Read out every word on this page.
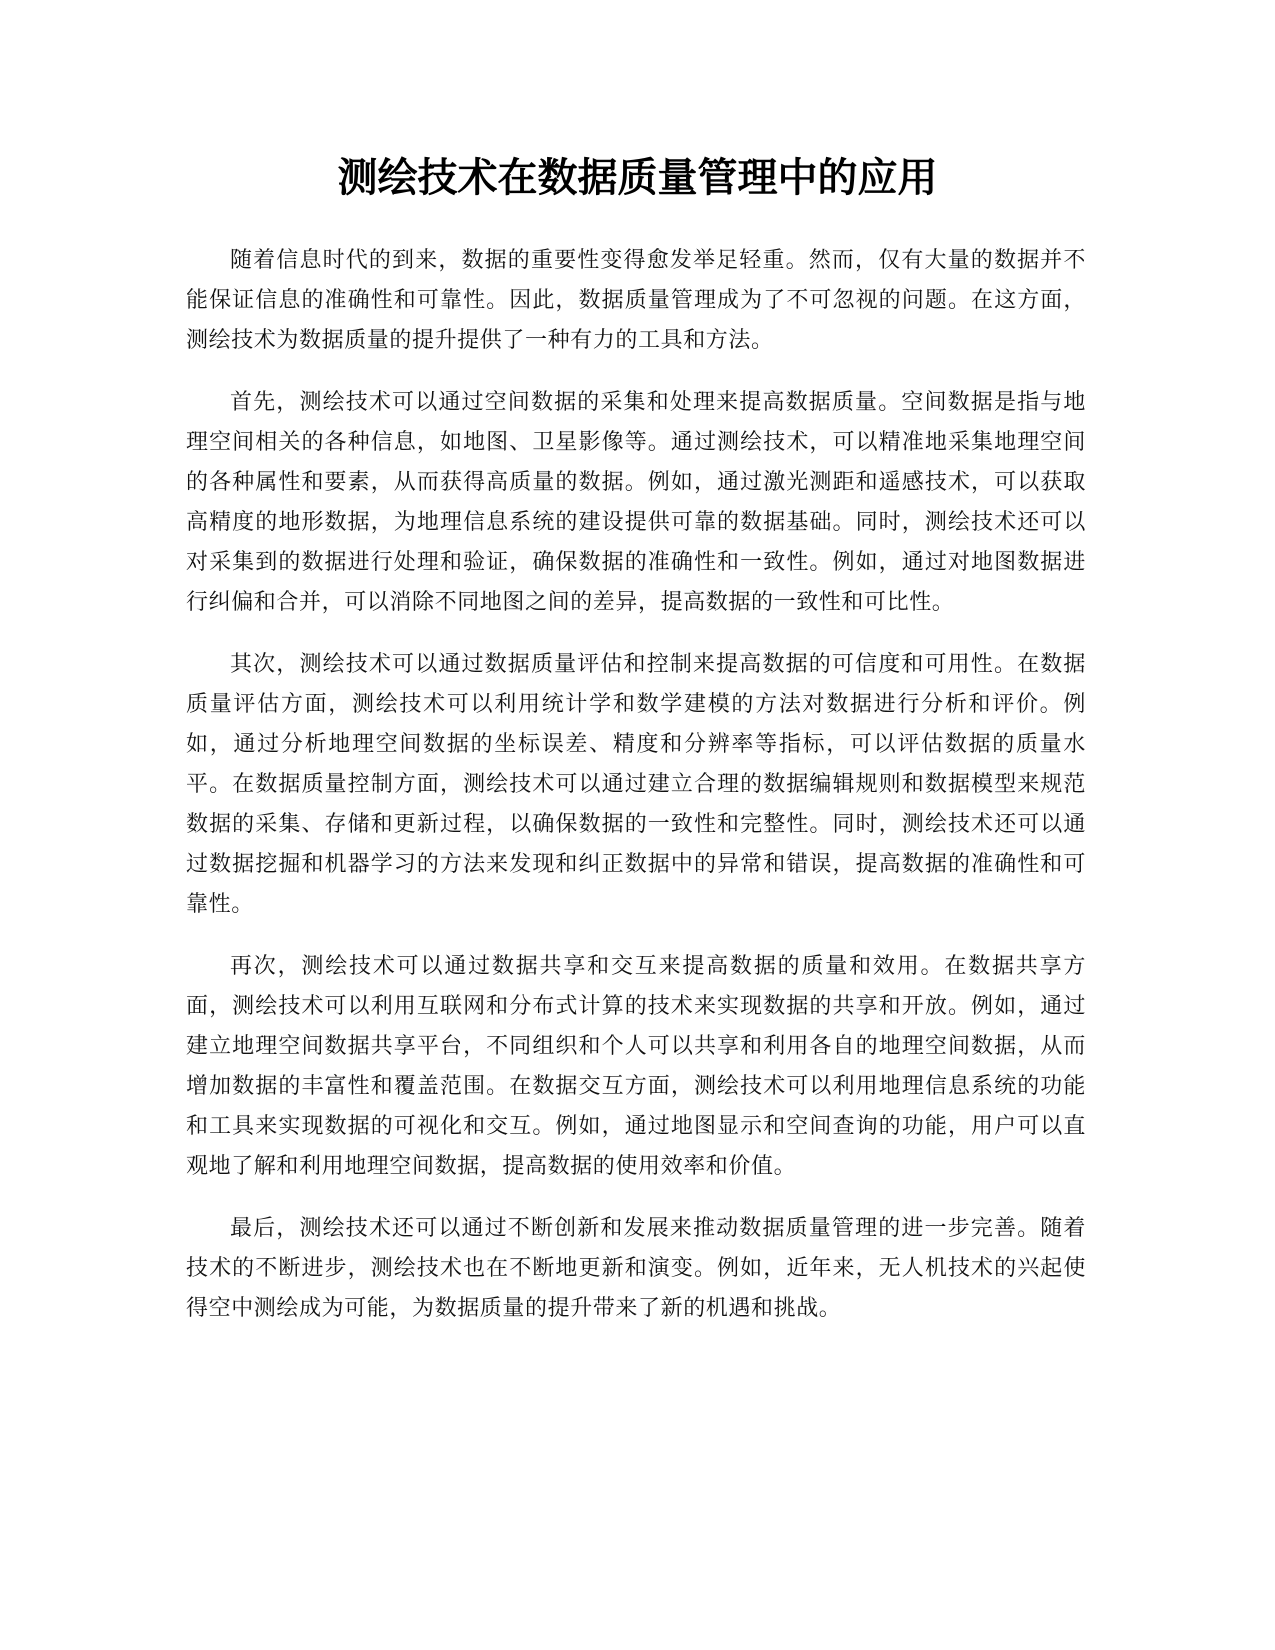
测绘技术在数据质量管理中的应用

随着信息时代的到来，数据的重要性变得愈发举足轻重。然而，仅有大量的数据并不能保证信息的准确性和可靠性。因此，数据质量管理成为了不可忽视的问题。在这方面，测绘技术为数据质量的提升提供了一种有力的工具和方法。

首先，测绘技术可以通过空间数据的采集和处理来提高数据质量。空间数据是指与地理空间相关的各种信息，如地图、卫星影像等。通过测绘技术，可以精准地采集地理空间的各种属性和要素，从而获得高质量的数据。例如，通过激光测距和遥感技术，可以获取高精度的地形数据，为地理信息系统的建设提供可靠的数据基础。同时，测绘技术还可以对采集到的数据进行处理和验证，确保数据的准确性和一致性。例如，通过对地图数据进行纠偏和合并，可以消除不同地图之间的差异，提高数据的一致性和可比性。

其次，测绘技术可以通过数据质量评估和控制来提高数据的可信度和可用性。在数据质量评估方面，测绘技术可以利用统计学和数学建模的方法对数据进行分析和评价。例如，通过分析地理空间数据的坐标误差、精度和分辨率等指标，可以评估数据的质量水平。在数据质量控制方面，测绘技术可以通过建立合理的数据编辑规则和数据模型来规范数据的采集、存储和更新过程，以确保数据的一致性和完整性。同时，测绘技术还可以通过数据挖掘和机器学习的方法来发现和纠正数据中的异常和错误，提高数据的准确性和可靠性。

再次，测绘技术可以通过数据共享和交互来提高数据的质量和效用。在数据共享方面，测绘技术可以利用互联网和分布式计算的技术来实现数据的共享和开放。例如，通过建立地理空间数据共享平台，不同组织和个人可以共享和利用各自的地理空间数据，从而增加数据的丰富性和覆盖范围。在数据交互方面，测绘技术可以利用地理信息系统的功能和工具来实现数据的可视化和交互。例如，通过地图显示和空间查询的功能，用户可以直观地了解和利用地理空间数据，提高数据的使用效率和价值。

最后，测绘技术还可以通过不断创新和发展来推动数据质量管理的进一步完善。随着技术的不断进步，测绘技术也在不断地更新和演变。例如，近年来，无人机技术的兴起使得空中测绘成为可能，为数据质量的提升带来了新的机遇和挑战。
